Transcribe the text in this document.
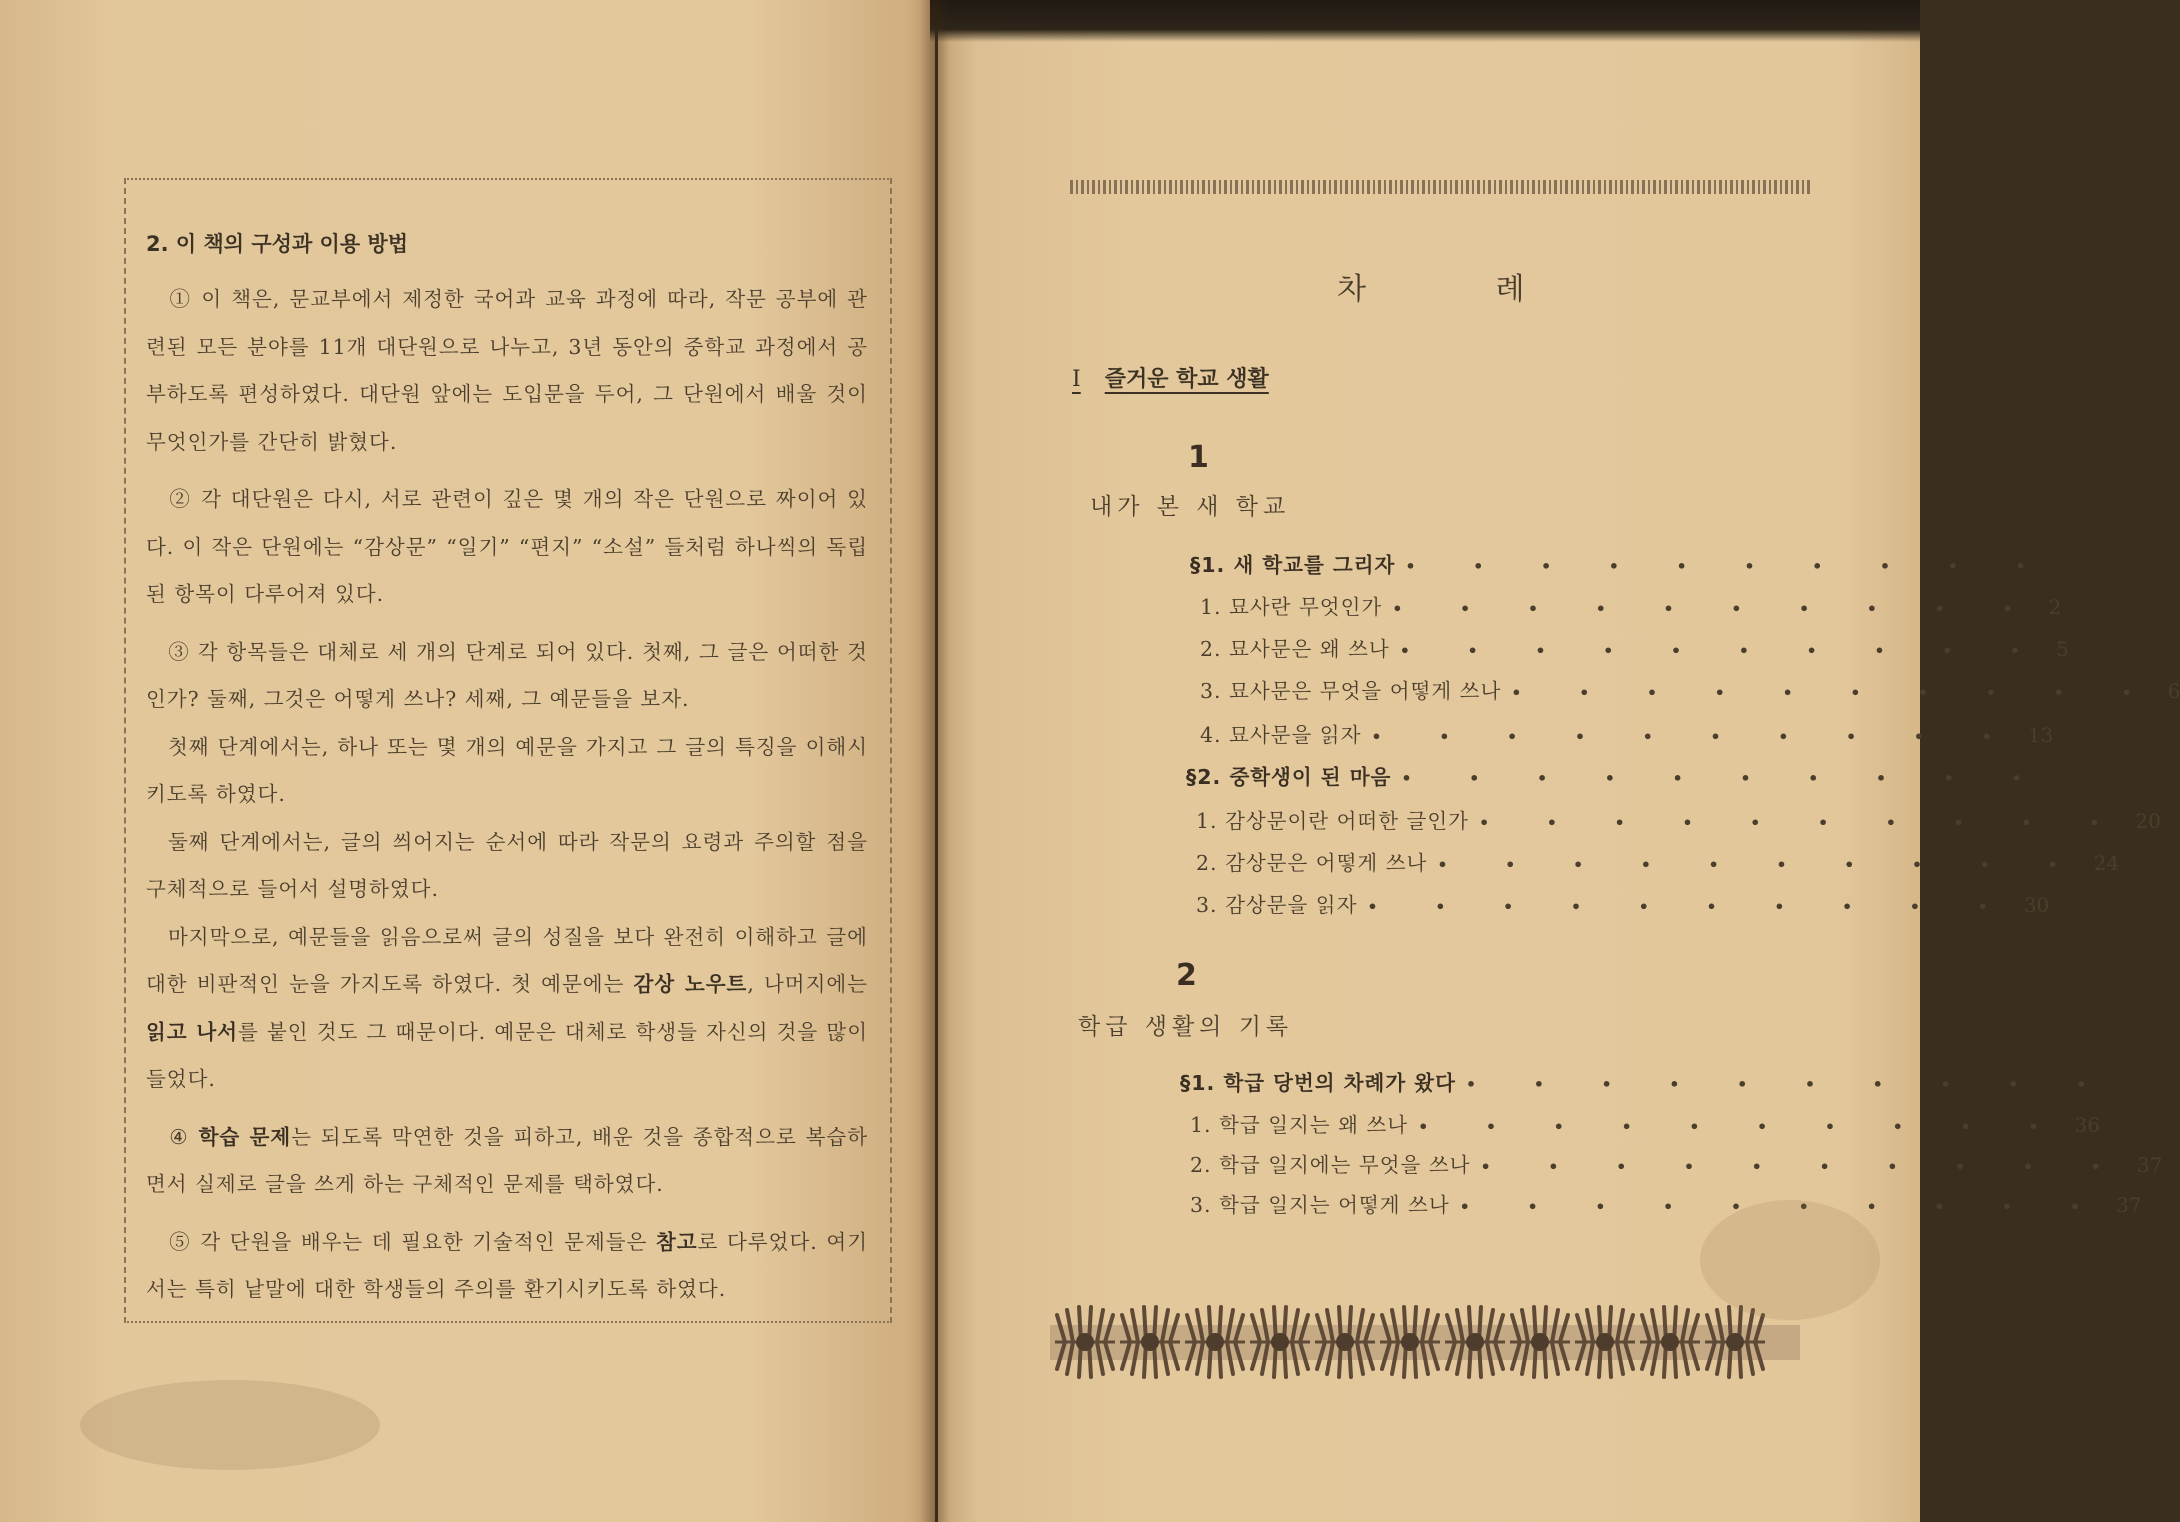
2. 이 책의 구성과 이용 방법

① 이 책은, 문교부에서 제정한 국어과 교육 과정에 따라, 작문 공부에 관련된 모든 분야를 11개 대단원으로 나누고, 3년 동안의 중학교 과정에서 공부하도록 편성하였다. 대단원 앞에는 도입문을 두어, 그 단원에서 배울 것이 무엇인가를 간단히 밝혔다.

② 각 대단원은 다시, 서로 관련이 깊은 몇 개의 작은 단원으로 짜이어 있다. 이 작은 단원에는 “감상문” “일기” “편지” “소설” 들처럼 하나씩의 독립된 항목이 다루어져 있다.

③ 각 항목들은 대체로 세 개의 단계로 되어 있다. 첫째, 그 글은 어떠한 것인가? 둘째, 그것은 어떻게 쓰나? 세째, 그 예문들을 보자.

첫째 단계에서는, 하나 또는 몇 개의 예문을 가지고 그 글의 특징을 이해시키도록 하였다.

둘째 단계에서는, 글의 씌어지는 순서에 따라 작문의 요령과 주의할 점을 구체적으로 들어서 설명하였다.

마지막으로, 예문들을 읽음으로써 글의 성질을 보다 완전히 이해하고 글에 대한 비판적인 눈을 가지도록 하였다. 첫 예문에는 감상 노우트, 나머지에는 읽고 나서를 붙인 것도 그 때문이다. 예문은 대체로 학생들 자신의 것을 많이 들었다.

④ 학습 문제는 되도록 막연한 것을 피하고, 배운 것을 종합적으로 복습하면서 실제로 글을 쓰게 하는 구체적인 문제를 택하였다.

⑤ 각 단원을 배우는 데 필요한 기술적인 문제들은 참고로 다루었다. 여기서는 특히 낱말에 대한 학생들의 주의를 환기시키도록 하였다.

차 례
I 즐거운 학교 생활
1
내가 본 새 학교
§1. 새 학교를 그리자 • • • • • • • • • • 2
1. 묘사란 무엇인가 • • • • • • • • • • 2
2. 묘사문은 왜 쓰나 • • • • • • • • • • 5
3. 묘사문은 무엇을 어떻게 쓰나 • • • • • • • • • • 6
4. 묘사문을 읽자 • • • • • • • • • • 13
§2. 중학생이 된 마음 • • • • • • • • • • 20
1. 감상문이란 어떠한 글인가 • • • • • • • • • • 20
2. 감상문은 어떻게 쓰나 • • • • • • • • • • 24
3. 감상문을 읽자 • • • • • • • • • • 30
2
학급 생활의 기록
§1. 학급 당번의 차례가 왔다 • • • • • • • • • • 36
1. 학급 일지는 왜 쓰나 • • • • • • • • • • 36
2. 학급 일지에는 무엇을 쓰나 • • • • • • • • • • 37
3. 학급 일지는 어떻게 쓰나 • • • • • • • • • • 37
